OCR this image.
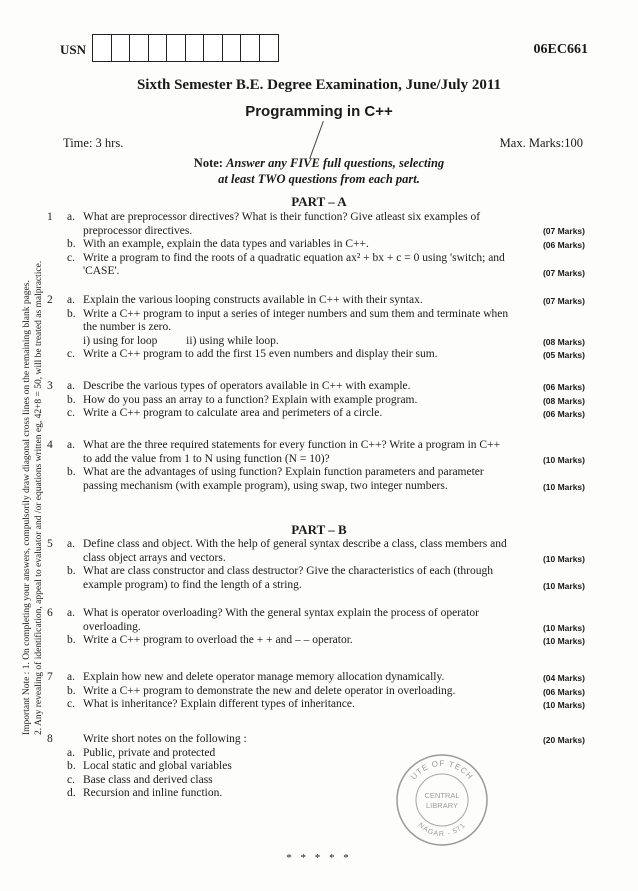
Important Note : 1. On completing your answers, compulsorily draw diagonal cross lines on the remaining blank pages. 2. Any revealing of identification, appeal to evaluator and /or equations written eg, 42+8 = 50, will be treated as malpractice.
USN	06EC661
Sixth Semester B.E. Degree Examination, June/July 2011
Programming in C++
Time: 3 hrs.	Max. Marks:100
Note: Answer any FIVE full questions, selecting
at least TWO questions from each part.
PART – A
1 a. What are preprocessor directives? What is their function? Give atleast six examples of
preprocessor directives.	(07 Marks)
b. With an example, explain the data types and variables in C++.	(06 Marks)
c. Write a program to find the roots of a quadratic equation ax² + bx + c = 0 using 'switch; and
'CASE'.	(07 Marks)
2 a. Explain the various looping constructs available in C++ with their syntax.	(07 Marks)
b. Write a C++ program to input a series of integer numbers and sum them and terminate when
the number is zero.
i) using for loop          ii) using while loop.	(08 Marks)
c. Write a C++ program to add the first 15 even numbers and display their sum.	(05 Marks)
3 a. Describe the various types of operators available in C++ with example.	(06 Marks)
b. How do you pass an array to a function? Explain with example program.	(08 Marks)
c. Write a C++ program to calculate area and perimeters of a circle.	(06 Marks)
4 a. What are the three required statements for every function in C++? Write a program in C++
to add the value from 1 to N using function (N = 10)?	(10 Marks)
b. What are the advantages of using function? Explain function parameters and parameter
passing mechanism (with example program), using swap, two integer numbers.	(10 Marks)
PART – B
5 a. Define class and object. With the help of general syntax describe a class, class members and
class object arrays and vectors.	(10 Marks)
b. What are class constructor and class destructor? Give the characteristics of each (through
example program) to find the length of a string.	(10 Marks)
6 a. What is operator overloading? With the general syntax explain the process of operator
overloading.	(10 Marks)
b. Write a C++ program to overload the + + and – – operator.	(10 Marks)
7 a. Explain how new and delete operator manage memory allocation dynamically.	(04 Marks)
b. Write a C++ program to demonstrate the new and delete operator in overloading.	(06 Marks)
c. What is inheritance? Explain different types of inheritance.	(10 Marks)
8	Write short notes on the following :	(20 Marks)
a. Public, private and protected
b. Local static and global variables
c. Base class and derived class
d. Recursion and inline function.
UTE OF TECH
NAGAR - 571
CENTRAL
LIBRARY
* * * * *
